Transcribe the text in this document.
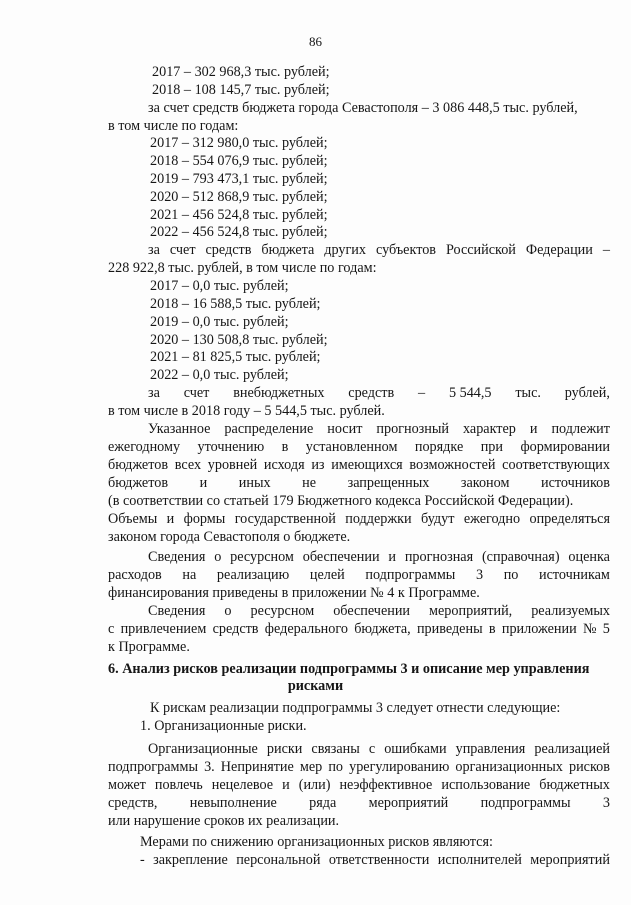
86
2017 – 302 968,3 тыс. рублей;
2018 – 108 145,7 тыс. рублей;
за счет средств бюджета города Севастополя – 3 086 448,5 тыс. рублей,
в том числе по годам:
2017 – 312 980,0 тыс. рублей;
2018 – 554 076,9 тыс. рублей;
2019 – 793 473,1 тыс. рублей;
2020 – 512 868,9 тыс. рублей;
2021 – 456 524,8 тыс. рублей;
2022 – 456 524,8 тыс. рублей;
за счет средств бюджета других субъектов Российской Федерации –
228 922,8 тыс. рублей, в том числе по годам:
2017 – 0,0 тыс. рублей;
2018 – 16 588,5 тыс. рублей;
2019 – 0,0 тыс. рублей;
2020 – 130 508,8 тыс. рублей;
2021 – 81 825,5 тыс. рублей;
2022 – 0,0 тыс. рублей;
за счет внебюджетных средств – 5 544,5 тыс. рублей,
в том числе в 2018 году – 5 544,5 тыс. рублей.
Указанное распределение носит прогнозный характер и подлежит
ежегодному уточнению в установленном порядке при формировании
бюджетов всех уровней исходя из имеющихся возможностей соответствующих
бюджетов и иных не запрещенных законом источников
(в соответствии со статьей 179 Бюджетного кодекса Российской Федерации).
Объемы и формы государственной поддержки будут ежегодно определяться
законом города Севастополя о бюджете.
Сведения о ресурсном обеспечении и прогнозная (справочная) оценка
расходов на реализацию целей подпрограммы 3 по источникам
финансирования приведены в приложении № 4 к Программе.
Сведения о ресурсном обеспечении мероприятий, реализуемых
с привлечением средств федерального бюджета, приведены в приложении № 5
к Программе.
6. Анализ рисков реализации подпрограммы 3 и описание мер управления
рисками
К рискам реализации подпрограммы 3 следует отнести следующие:
1. Организационные риски.
Организационные риски связаны с ошибками управления реализацией
подпрограммы 3. Непринятие мер по урегулированию организационных рисков
может повлечь нецелевое и (или) неэффективное использование бюджетных
средств, невыполнение ряда мероприятий подпрограммы 3
или нарушение сроков их реализации.
Мерами по снижению организационных рисков являются:
- закрепление персональной ответственности исполнителей мероприятий
